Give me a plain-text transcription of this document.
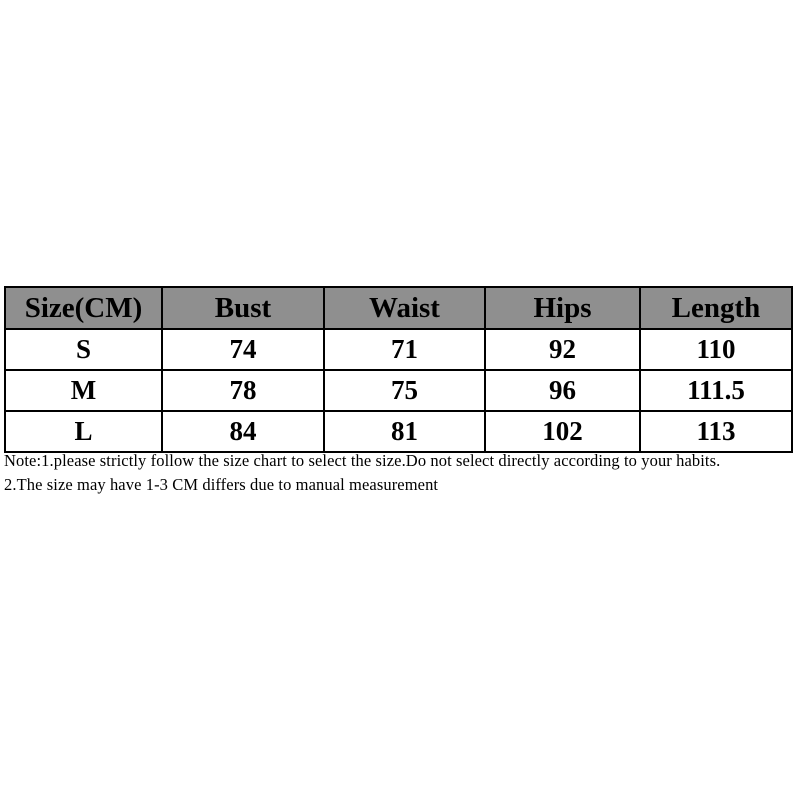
Size(CM)	Bust	Waist	Hips	Length
S	74	71	92	110
M	78	75	96	111.5
L	84	81	102	113
Note:1.please strictly follow the size chart to select the size.Do not select directly according to your habits.
2.The size may have 1-3 CM differs due to manual measurement
